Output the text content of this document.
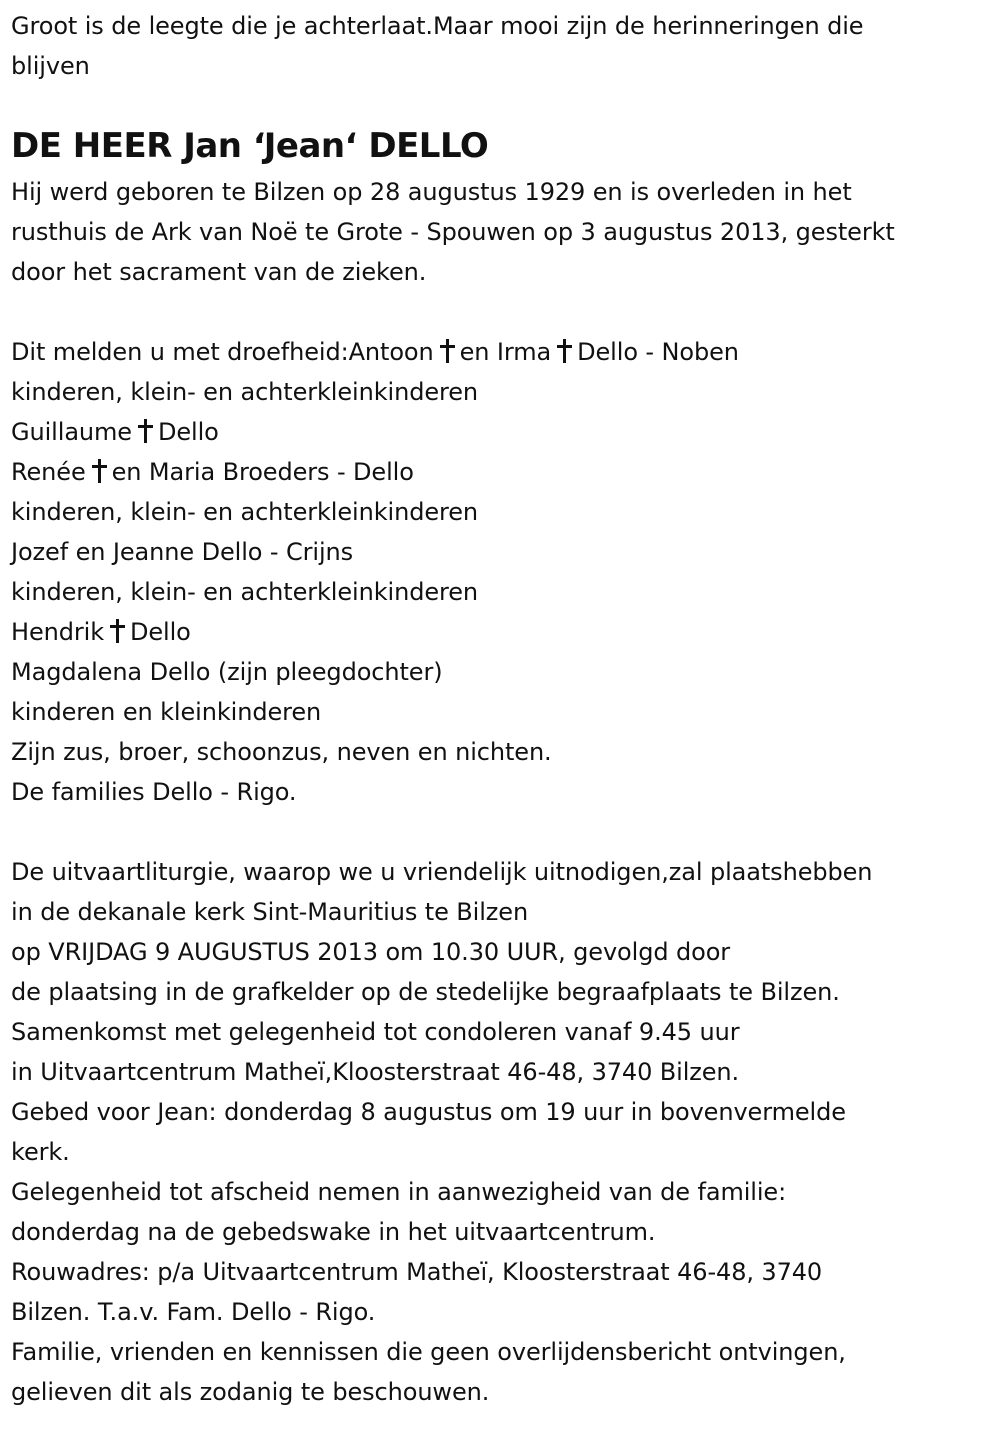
Groot is de leegte die je achterlaat.Maar mooi zijn de herinneringen die

blijven

DE HEER Jan ‘Jean‘ DELLO

Hij werd geboren te Bilzen op 28 augustus 1929 en is overleden in het

rusthuis de Ark van Noë te Grote - Spouwen op 3 augustus 2013, gesterkt

door het sacrament van de zieken.

Dit melden u met droefheid:Antoon en Irma Dello - Noben

kinderen, klein- en achterkleinkinderen

Guillaume Dello

Renée en Maria Broeders - Dello

kinderen, klein- en achterkleinkinderen

Jozef en Jeanne Dello - Crijns

kinderen, klein- en achterkleinkinderen

Hendrik Dello

Magdalena Dello (zijn pleegdochter)

kinderen en kleinkinderen

Zijn zus, broer, schoonzus, neven en nichten.

De families Dello - Rigo.

De uitvaartliturgie, waarop we u vriendelijk uitnodigen,zal plaatshebben

in de dekanale kerk Sint-Mauritius te Bilzen

op VRIJDAG 9 AUGUSTUS 2013 om 10.30 UUR, gevolgd door

de plaatsing in de grafkelder op de stedelijke begraafplaats te Bilzen.

Samenkomst met gelegenheid tot condoleren vanaf 9.45 uur

in Uitvaartcentrum Matheï,Kloosterstraat 46-48, 3740 Bilzen.

Gebed voor Jean: donderdag 8 augustus om 19 uur in bovenvermelde

kerk.

Gelegenheid tot afscheid nemen in aanwezigheid van de familie:

donderdag na de gebedswake in het uitvaartcentrum.

Rouwadres: p/a Uitvaartcentrum Matheï, Kloosterstraat 46-48, 3740

Bilzen. T.a.v. Fam. Dello - Rigo.

Familie, vrienden en kennissen die geen overlijdensbericht ontvingen,

gelieven dit als zodanig te beschouwen.
